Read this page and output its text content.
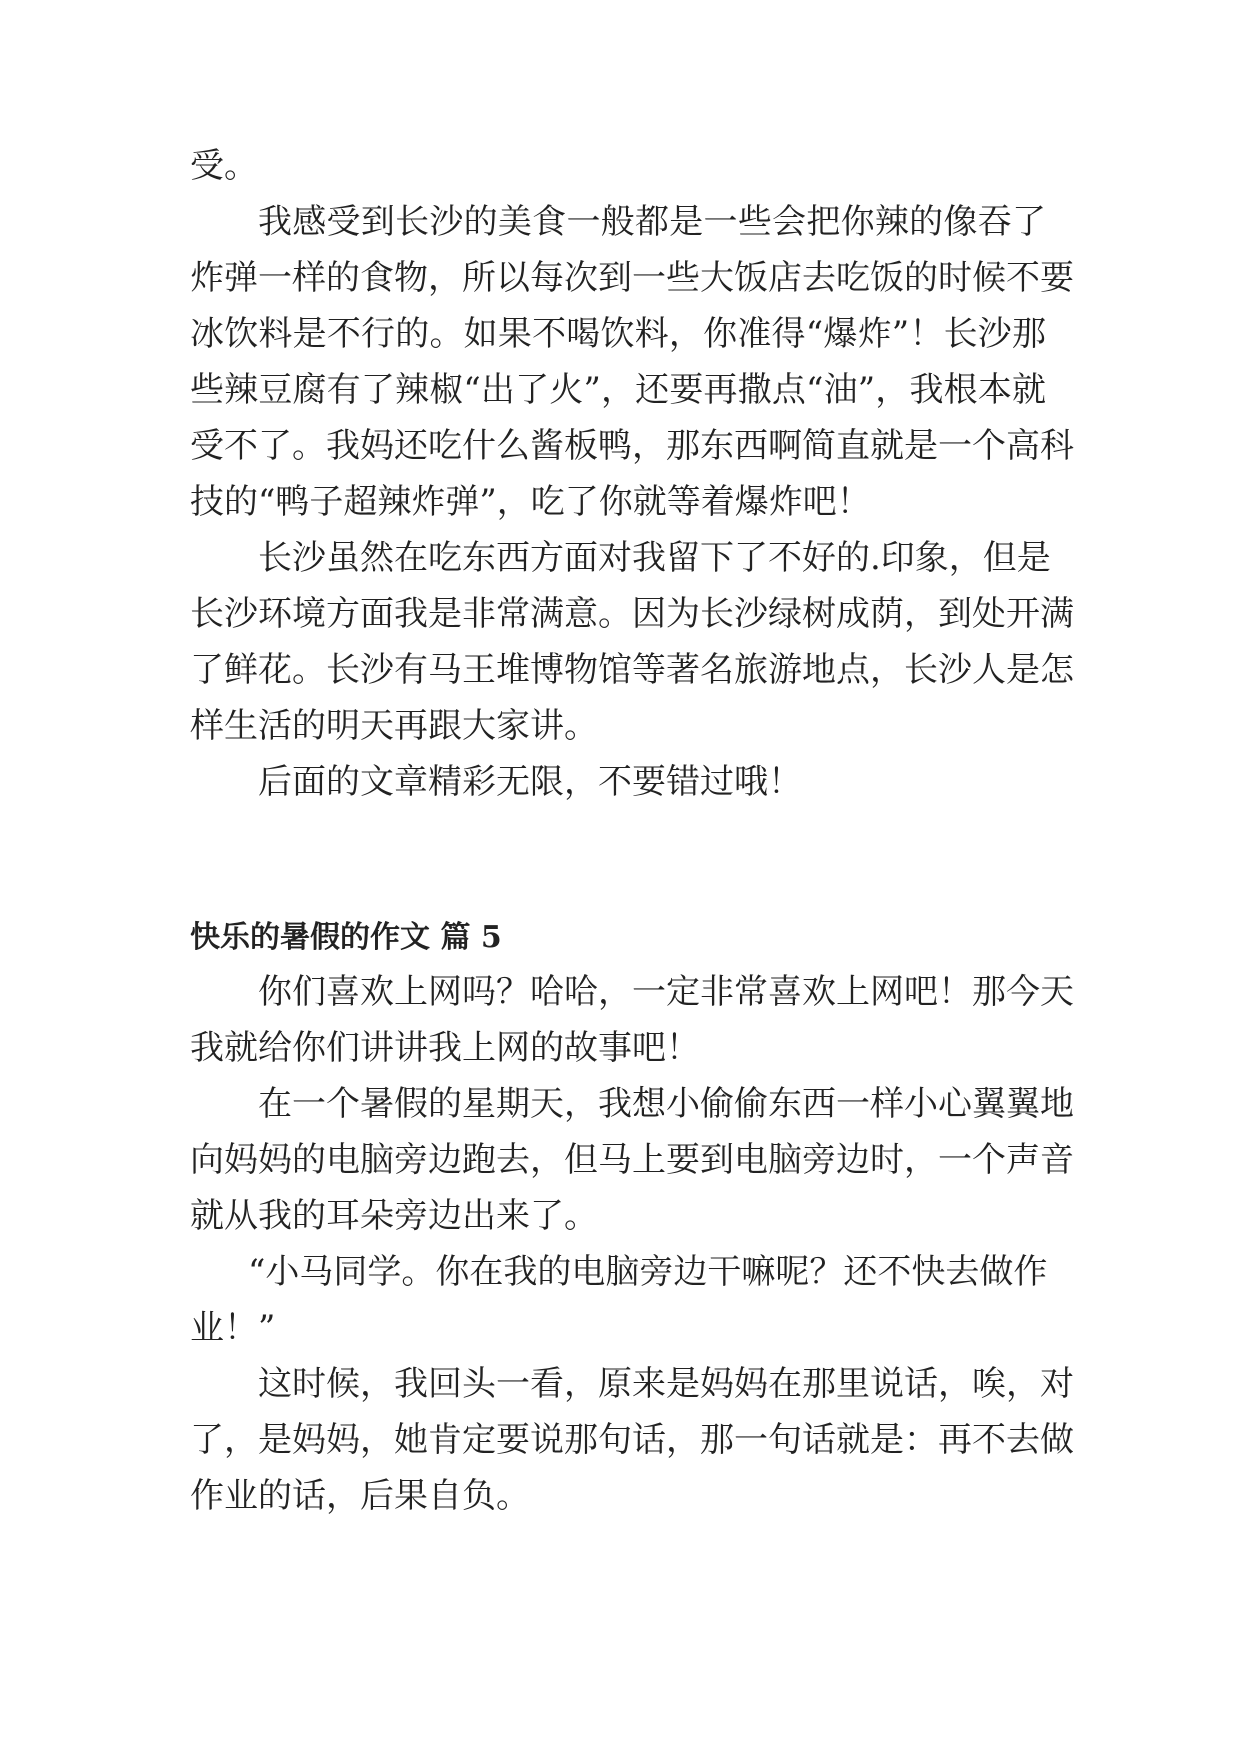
受。

我感受到长沙的美食一般都是一些会把你辣的像吞了

炸弹一样的食物，所以每次到一些大饭店去吃饭的时候不要

冰饮料是不行的。如果不喝饮料，你准得“爆炸”！长沙那

些辣豆腐有了辣椒“出了火”，还要再撒点“油”，我根本就

受不了。我妈还吃什么酱板鸭，那东西啊简直就是一个高科

技的“鸭子超辣炸弹”，吃了你就等着爆炸吧！

长沙虽然在吃东西方面对我留下了不好的.印象，但是

长沙环境方面我是非常满意。因为长沙绿树成荫，到处开满

了鲜花。长沙有马王堆博物馆等著名旅游地点，长沙人是怎

样生活的明天再跟大家讲。

后面的文章精彩无限，不要错过哦！

快乐的暑假的作文 篇 5

你们喜欢上网吗？哈哈，一定非常喜欢上网吧！那今天

我就给你们讲讲我上网的故事吧！

在一个暑假的星期天，我想小偷偷东西一样小心翼翼地

向妈妈的电脑旁边跑去，但马上要到电脑旁边时，一个声音

就从我的耳朵旁边出来了。

“小马同学。你在我的电脑旁边干嘛呢？还不快去做作

业！”

这时候，我回头一看，原来是妈妈在那里说话，唉，对

了，是妈妈，她肯定要说那句话，那一句话就是：再不去做

作业的话，后果自负。
